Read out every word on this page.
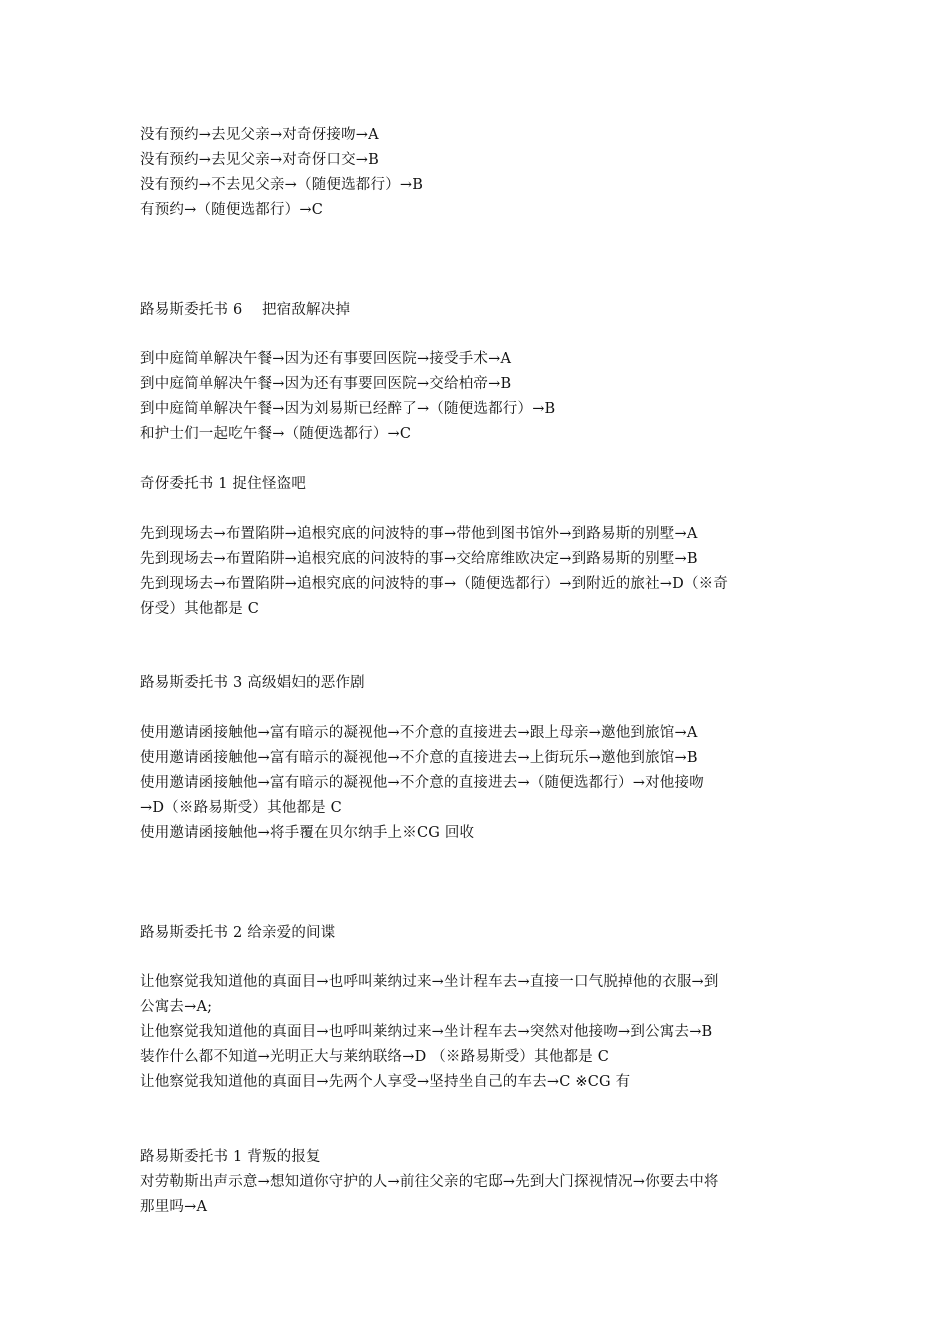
没有预约→去见父亲→对奇伢接吻→A
没有预约→去见父亲→对奇伢口交→B
没有预约→不去见父亲→（随便选都行）→B
有预约→（随便选都行）→C
路易斯委托书 6　 把宿敌解决掉
到中庭简单解决午餐→因为还有事要回医院→接受手术→A
到中庭简单解决午餐→因为还有事要回医院→交给柏帝→B
到中庭简单解决午餐→因为刘易斯已经醉了→（随便选都行）→B
和护士们一起吃午餐→（随便选都行）→C
奇伢委托书 1 捉住怪盗吧
先到现场去→布置陷阱→追根究底的问波特的事→带他到图书馆外→到路易斯的别墅→A
先到现场去→布置陷阱→追根究底的问波特的事→交给席维欧决定→到路易斯的别墅→B
先到现场去→布置陷阱→追根究底的问波特的事→（随便选都行）→到附近的旅社→D（※奇
伢受）其他都是 C
路易斯委托书 3 高级娼妇的恶作剧
使用邀请函接触他→富有暗示的凝视他→不介意的直接进去→跟上母亲→邀他到旅馆→A
使用邀请函接触他→富有暗示的凝视他→不介意的直接进去→上街玩乐→邀他到旅馆→B
使用邀请函接触他→富有暗示的凝视他→不介意的直接进去→（随便选都行）→对他接吻
→D（※路易斯受）其他都是 C
使用邀请函接触他→将手覆在贝尔纳手上※CG 回收
路易斯委托书 2 给亲爱的间谍
让他察觉我知道他的真面目→也呼叫莱纳过来→坐计程车去→直接一口气脱掉他的衣服→到
公寓去→A;
让他察觉我知道他的真面目→也呼叫莱纳过来→坐计程车去→突然对他接吻→到公寓去→B
装作什么都不知道→光明正大与莱纳联络→D （※路易斯受）其他都是 C
让他察觉我知道他的真面目→先两个人享受→坚持坐自己的车去→C ※CG 有
路易斯委托书 1 背叛的报复
对劳勒斯出声示意→想知道你守护的人→前往父亲的宅邸→先到大门探视情况→你要去中将
那里吗→A
